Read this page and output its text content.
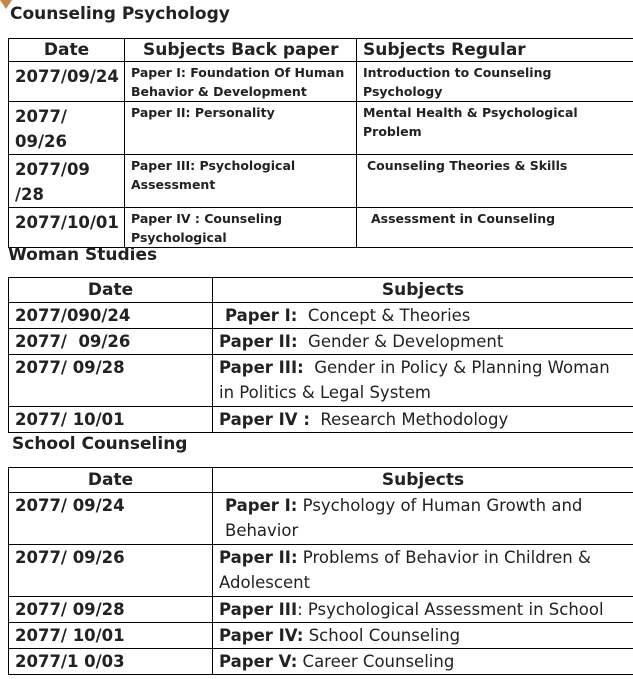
Counseling Psychology
Date	Subjects Back paper	Subjects Regular
2077/09/24	Paper I: Foundation Of Human Behavior & Development	Introduction to Counseling Psychology
2077/ 09/26	Paper II: Personality	Mental Health & Psychological Problem
2077/09 /28	Paper III: Psychological Assessment	Counseling Theories & Skills
2077/10/01	Paper IV : Counseling Psychological	Assessment in Counseling
Woman Studies
Date	Subjects
2077/090/24	Paper I: Concept & Theories
2077/  09/26	Paper II: Gender & Development
2077/ 09/28	Paper III: Gender in Policy & Planning Woman in Politics & Legal System
2077/ 10/01	Paper IV : Research Methodology
School Counseling
Date	Subjects
2077/ 09/24	Paper I: Psychology of Human Growth and Behavior
2077/ 09/26	Paper II: Problems of Behavior in Children & Adolescent
2077/ 09/28	Paper III: Psychological Assessment in School
2077/ 10/01	Paper IV: School Counseling
2077/1 0/03	Paper V: Career Counseling
